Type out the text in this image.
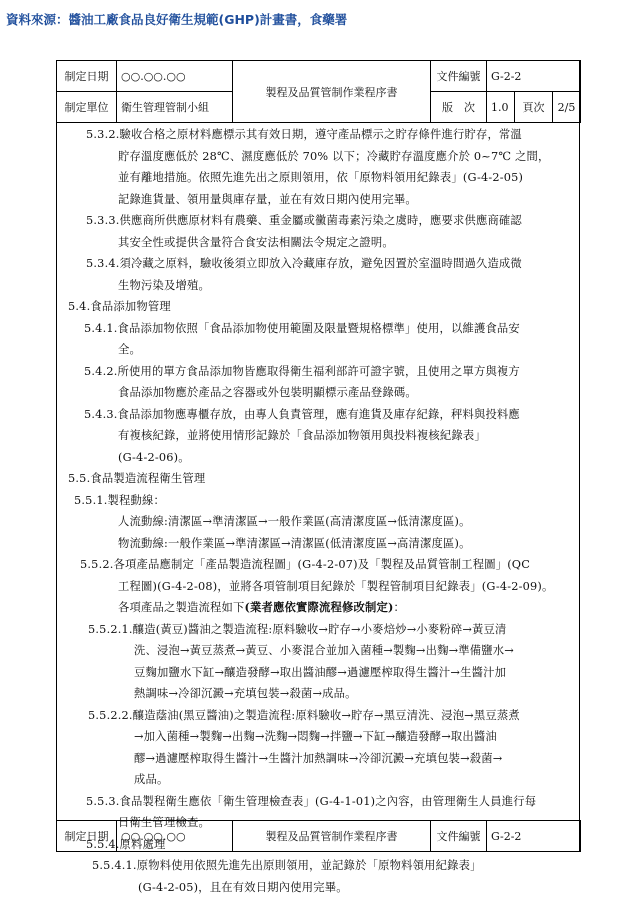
資料來源：醬油工廠食品良好衛生規範(GHP)計畫書，食藥署
制定日期	○○.○○.○○	製程及品質管制作業程序書	文件編號	G-2-2		
制定單位	衛生管理管制小組		版　次	1.0	頁次	2/5
5.3.2.驗收合格之原材料應標示其有效日期，遵守產品標示之貯存條件進行貯存，常溫
貯存溫度應低於 28℃、濕度應低於 70% 以下；冷藏貯存溫度應介於 0~7℃ 之間，
並有離地措施。依照先進先出之原則領用，依「原物料領用紀錄表」(G-4-2-05)
記錄進貨量、領用量與庫存量，並在有效日期內使用完畢。
5.3.3.供應商所供應原材料有農藥、重金屬或黴菌毒素污染之虞時，應要求供應商確認
其安全性或提供含量符合食安法相關法令規定之證明。
5.3.4.須冷藏之原料，驗收後須立即放入冷藏庫存放，避免因置於室溫時間過久造成微
生物污染及增殖。
5.4.食品添加物管理
5.4.1.食品添加物依照「食品添加物使用範圍及限量暨規格標準」使用，以維護食品安
全。
5.4.2.所使用的單方食品添加物皆應取得衛生福利部許可證字號，且使用之單方與複方
食品添加物應於產品之容器或外包裝明顯標示產品登錄碼。
5.4.3.食品添加物應專櫃存放，由專人負責管理，應有進貨及庫存紀錄，秤料與投料應
有複核紀錄，並將使用情形記錄於「食品添加物領用與投料複核紀錄表」
(G-4-2-06)。
5.5.食品製造流程衛生管理
5.5.1.製程動線：
人流動線:清潔區→準清潔區→一般作業區(高清潔度區→低清潔度區)。
物流動線:一般作業區→準清潔區→清潔區(低清潔度區→高清潔度區)。
5.5.2.各項產品應制定「產品製造流程圖」(G-4-2-07)及「製程及品質管制工程圖」(QC
工程圖)(G-4-2-08)，並將各項管制項目紀錄於「製程管制項目紀錄表」(G-4-2-09)。
各項產品之製造流程如下(業者應依實際流程修改制定)：
5.5.2.1.釀造(黃豆)醬油之製造流程:原料驗收→貯存→小麥焙炒→小麥粉碎→黃豆清
洗、浸泡→黃豆蒸煮→黃豆、小麥混合並加入菌種→製麴→出麴→準備鹽水→
豆麴加鹽水下缸→釀造發酵→取出醬油醪→過濾壓榨取得生醬汁→生醬汁加
熱調味→冷卻沉澱→充填包裝→殺菌→成品。
5.5.2.2.釀造蔭油(黑豆醬油)之製造流程:原料驗收→貯存→黑豆清洗、浸泡→黑豆蒸煮
→加入菌種→製麴→出麴→洗麴→悶麴→拌鹽→下缸→釀造發酵→取出醬油
醪→過濾壓榨取得生醬汁→生醬汁加熱調味→冷卻沉澱→充填包裝→殺菌→
成品。
5.5.3.食品製程衛生應依「衛生管理檢查表」(G-4-1-01)之內容，由管理衛生人員進行每
日衛生管理檢查。
5.5.4.原料處理
5.5.4.1.原物料使用依照先進先出原則領用，並記錄於「原物料領用紀錄表」
(G-4-2-05)，且在有效日期內使用完畢。
制定日期	○○.○○.○○	製程及品質管制作業程序書	文件編號	G-2-2
